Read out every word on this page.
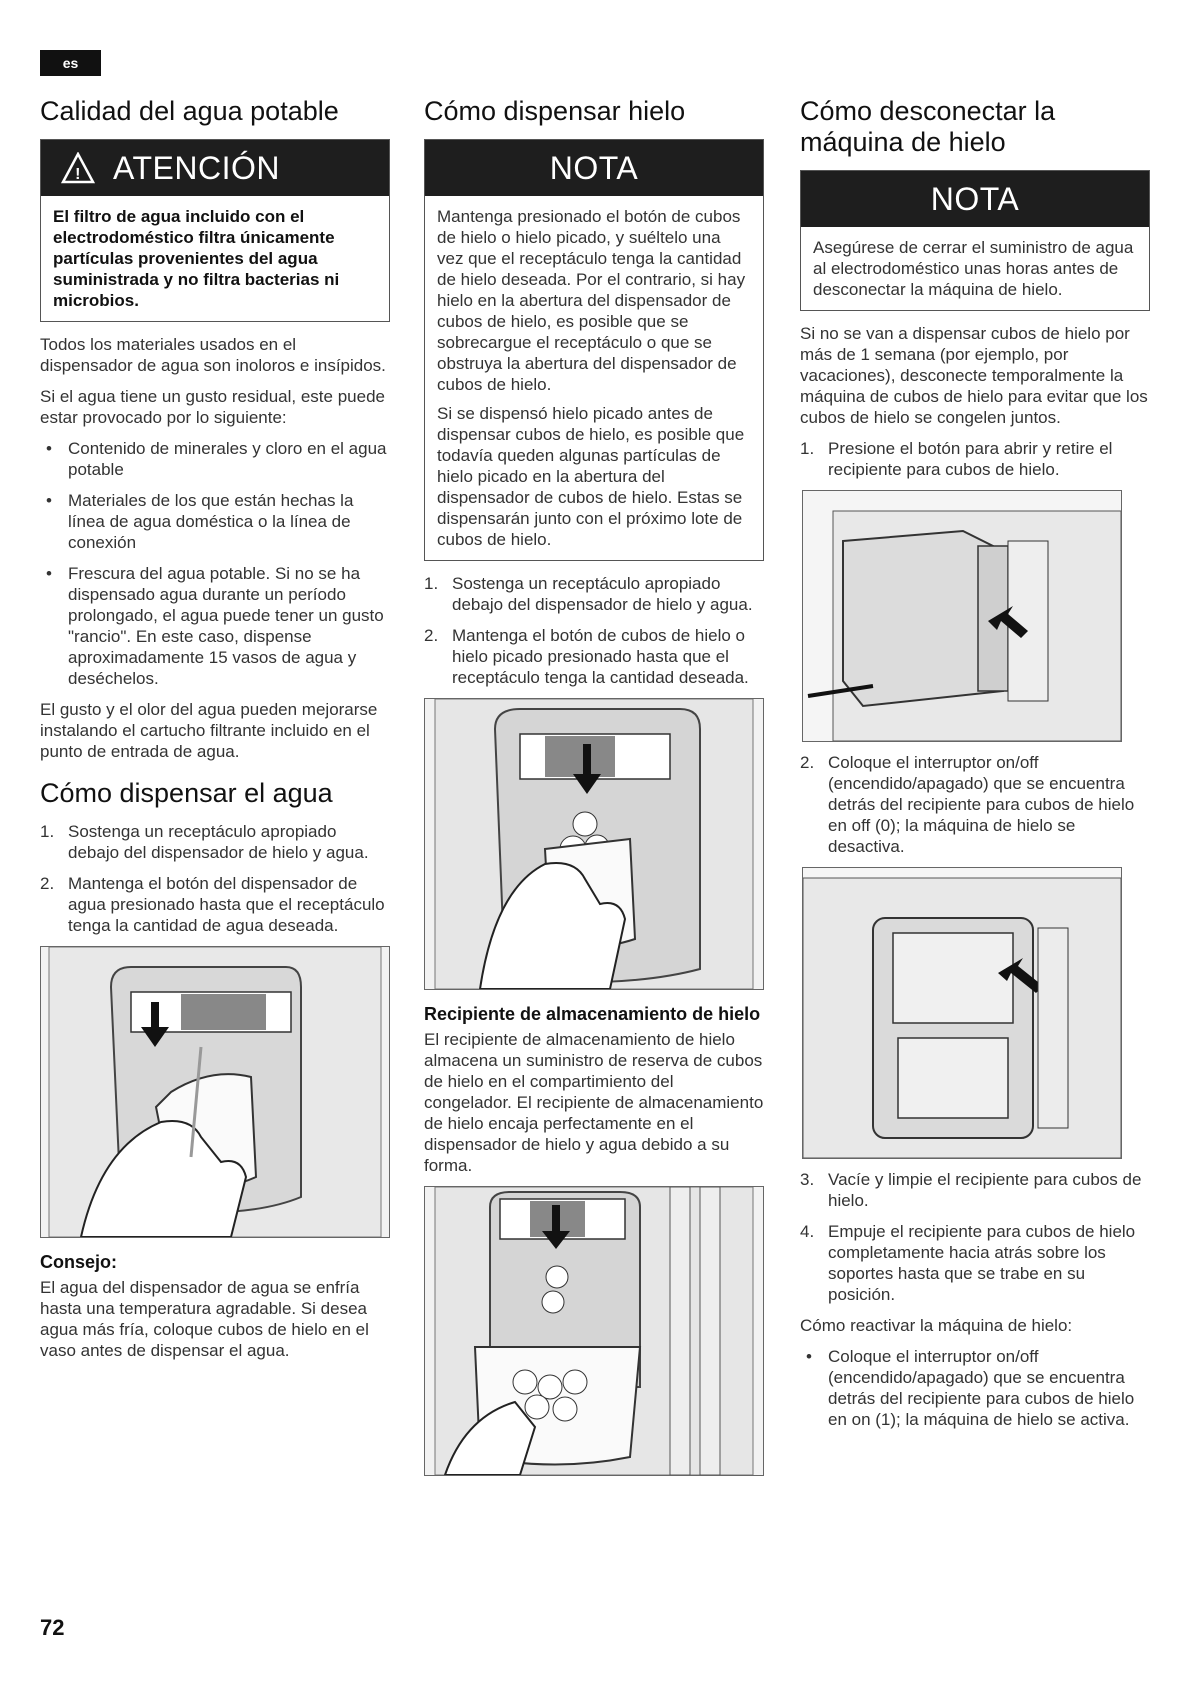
es
Calidad del agua potable
! ATENCIÓN
El filtro de agua incluido con el electrodoméstico filtra únicamente partículas provenientes del agua suministrada y no filtra bacterias ni microbios.

Todos los materiales usados en el dispensador de agua son inoloros e insípidos.

Si el agua tiene un gusto residual, este puede estar provocado por lo siguiente:

• Contenido de minerales y cloro en el agua potable
• Materiales de los que están hechas la línea de agua doméstica o la línea de conexión
• Frescura del agua potable. Si no se ha dispensado agua durante un período prolongado, el agua puede tener un gusto "rancio". En este caso, dispense aproximadamente 15 vasos de agua y deséchelos.

El gusto y el olor del agua pueden mejorarse instalando el cartucho filtrante incluido en el punto de entrada de agua.

Cómo dispensar el agua
1. Sostenga un receptáculo apropiado debajo del dispensador de hielo y agua.
2. Mantenga el botón del dispensador de agua presionado hasta que el receptáculo tenga la cantidad de agua deseada.
Consejo:

El agua del dispensador de agua se enfría hasta una temperatura agradable. Si desea agua más fría, coloque cubos de hielo en el vaso antes de dispensar el agua.

Cómo dispensar hielo
NOTA
Mantenga presionado el botón de cubos de hielo o hielo picado, y suéltelo una vez que el receptáculo tenga la cantidad de hielo deseada. Por el contrario, si hay hielo en la abertura del dispensador de cubos de hielo, es posible que se sobrecargue el receptáculo o que se obstruya la abertura del dispensador de cubos de hielo.
Si se dispensó hielo picado antes de dispensar cubos de hielo, es posible que todavía queden algunas partículas de hielo picado en la abertura del dispensador de cubos de hielo. Estas se dispensarán junto con el próximo lote de cubos de hielo.
1. Sostenga un receptáculo apropiado debajo del dispensador de hielo y agua.
2. Mantenga el botón de cubos de hielo o hielo picado presionado hasta que el receptáculo tenga la cantidad deseada.
Recipiente de almacenamiento de hielo

El recipiente de almacenamiento de hielo almacena un suministro de reserva de cubos de hielo en el compartimiento del congelador. El recipiente de almacenamiento de hielo encaja perfectamente en el dispensador de hielo y agua debido a su forma.

Cómo desconectar la máquina de hielo
NOTA
Asegúrese de cerrar el suministro de agua al electrodoméstico unas horas antes de desconectar la máquina de hielo.

Si no se van a dispensar cubos de hielo por más de 1 semana (por ejemplo, por vacaciones), desconecte temporalmente la máquina de cubos de hielo para evitar que los cubos de hielo se congelen juntos.

1. Presione el botón para abrir y retire el recipiente para cubos de hielo.
2. Coloque el interruptor on/off (encendido/apagado) que se encuentra detrás del recipiente para cubos de hielo en off (0); la máquina de hielo se desactiva.
3. Vacíe y limpie el recipiente para cubos de hielo.
4. Empuje el recipiente para cubos de hielo completamente hacia atrás sobre los soportes hasta que se trabe en su posición.

Cómo reactivar la máquina de hielo:

• Coloque el interruptor on/off (encendido/apagado) que se encuentra detrás del recipiente para cubos de hielo en on (1); la máquina de hielo se activa.
72
